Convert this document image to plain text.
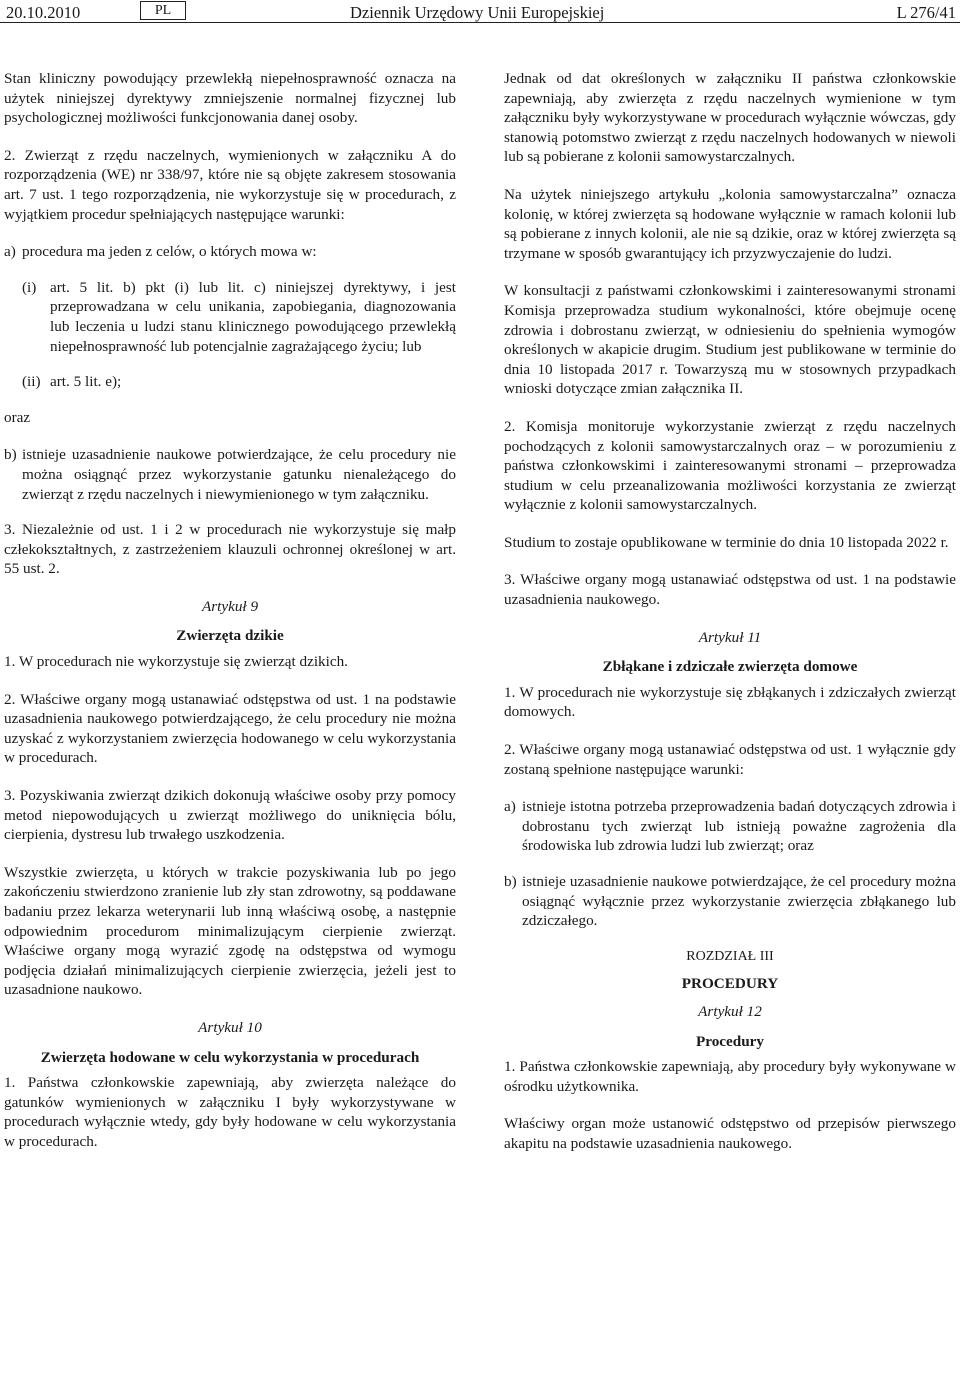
20.10.2010	PL	Dziennik Urzędowy Unii Europejskiej	L 276/41

Stan kliniczny powodujący przewlekłą niepełnosprawność oznacza na użytek niniejszej dyrektywy zmniejszenie normalnej fizycznej lub psychologicznej możliwości funkcjonowania danej osoby.

2. Zwierząt z rzędu naczelnych, wymienionych w załączniku A do rozporządzenia (WE) nr 338/97, które nie są objęte zakresem stosowania art. 7 ust. 1 tego rozporządzenia, nie wykorzystuje się w procedurach, z wyjątkiem procedur spełniających następujące warunki:

a) procedura ma jeden z celów, o których mowa w:
(i) art. 5 lit. b) pkt (i) lub lit. c) niniejszej dyrektywy, i jest przeprowadzana w celu unikania, zapobiegania, diagnozowania lub leczenia u ludzi stanu klinicznego powodującego przewlekłą niepełnosprawność lub potencjalnie zagrażającego życiu; lub
(ii) art. 5 lit. e);

oraz

b) istnieje uzasadnienie naukowe potwierdzające, że celu procedury nie można osiągnąć przez wykorzystanie gatunku nienależącego do zwierząt z rzędu naczelnych i niewymienionego w tym załączniku.

3. Niezależnie od ust. 1 i 2 w procedurach nie wykorzystuje się małp człekokształtnych, z zastrzeżeniem klauzuli ochronnej określonej w art. 55 ust. 2.

Artykuł 9
Zwierzęta dzikie

1. W procedurach nie wykorzystuje się zwierząt dzikich.

2. Właściwe organy mogą ustanawiać odstępstwa od ust. 1 na podstawie uzasadnienia naukowego potwierdzającego, że celu procedury nie można uzyskać z wykorzystaniem zwierzęcia hodowanego w celu wykorzystania w procedurach.

3. Pozyskiwania zwierząt dzikich dokonują właściwe osoby przy pomocy metod niepowodujących u zwierząt możliwego do uniknięcia bólu, cierpienia, dystresu lub trwałego uszkodzenia.

Wszystkie zwierzęta, u których w trakcie pozyskiwania lub po jego zakończeniu stwierdzono zranienie lub zły stan zdrowotny, są poddawane badaniu przez lekarza weterynarii lub inną właściwą osobę, a następnie odpowiednim procedurom minimalizującym cierpienie zwierząt. Właściwe organy mogą wyrazić zgodę na odstępstwa od wymogu podjęcia działań minimalizujących cierpienie zwierzęcia, jeżeli jest to uzasadnione naukowo.

Artykuł 10
Zwierzęta hodowane w celu wykorzystania w procedurach

1. Państwa członkowskie zapewniają, aby zwierzęta należące do gatunków wymienionych w załączniku I były wykorzystywane w procedurach wyłącznie wtedy, gdy były hodowane w celu wykorzystania w procedurach.

Jednak od dat określonych w załączniku II państwa członkowskie zapewniają, aby zwierzęta z rzędu naczelnych wymienione w tym załączniku były wykorzystywane w procedurach wyłącznie wówczas, gdy stanowią potomstwo zwierząt z rzędu naczelnych hodowanych w niewoli lub są pobierane z kolonii samowystarczalnych.

Na użytek niniejszego artykułu „kolonia samowystarczalna” oznacza kolonię, w której zwierzęta są hodowane wyłącznie w ramach kolonii lub są pobierane z innych kolonii, ale nie są dzikie, oraz w której zwierzęta są trzymane w sposób gwarantujący ich przyzwyczajenie do ludzi.

W konsultacji z państwami członkowskimi i zainteresowanymi stronami Komisja przeprowadza studium wykonalności, które obejmuje ocenę zdrowia i dobrostanu zwierząt, w odniesieniu do spełnienia wymogów określonych w akapicie drugim. Studium jest publikowane w terminie do dnia 10 listopada 2017 r. Towarzyszą mu w stosownych przypadkach wnioski dotyczące zmian załącznika II.

2. Komisja monitoruje wykorzystanie zwierząt z rzędu naczelnych pochodzących z kolonii samowystarczalnych oraz – w porozumieniu z państwa członkowskimi i zainteresowanymi stronami – przeprowadza studium w celu przeanalizowania możliwości korzystania ze zwierząt wyłącznie z kolonii samowystarczalnych.

Studium to zostaje opublikowane w terminie do dnia 10 listopada 2022 r.

3. Właściwe organy mogą ustanawiać odstępstwa od ust. 1 na podstawie uzasadnienia naukowego.

Artykuł 11
Zbłąkane i zdziczałe zwierzęta domowe

1. W procedurach nie wykorzystuje się zbłąkanych i zdziczałych zwierząt domowych.

2. Właściwe organy mogą ustanawiać odstępstwa od ust. 1 wyłącznie gdy zostaną spełnione następujące warunki:

a) istnieje istotna potrzeba przeprowadzenia badań dotyczących zdrowia i dobrostanu tych zwierząt lub istnieją poważne zagrożenia dla środowiska lub zdrowia ludzi lub zwierząt; oraz
b) istnieje uzasadnienie naukowe potwierdzające, że cel procedury można osiągnąć wyłącznie przez wykorzystanie zwierzęcia zbłąkanego lub zdziczałego.
ROZDZIAŁ III
PROCEDURY
Artykuł 12
Procedury

1. Państwa członkowskie zapewniają, aby procedury były wykonywane w ośrodku użytkownika.

Właściwy organ może ustanowić odstępstwo od przepisów pierwszego akapitu na podstawie uzasadnienia naukowego.
